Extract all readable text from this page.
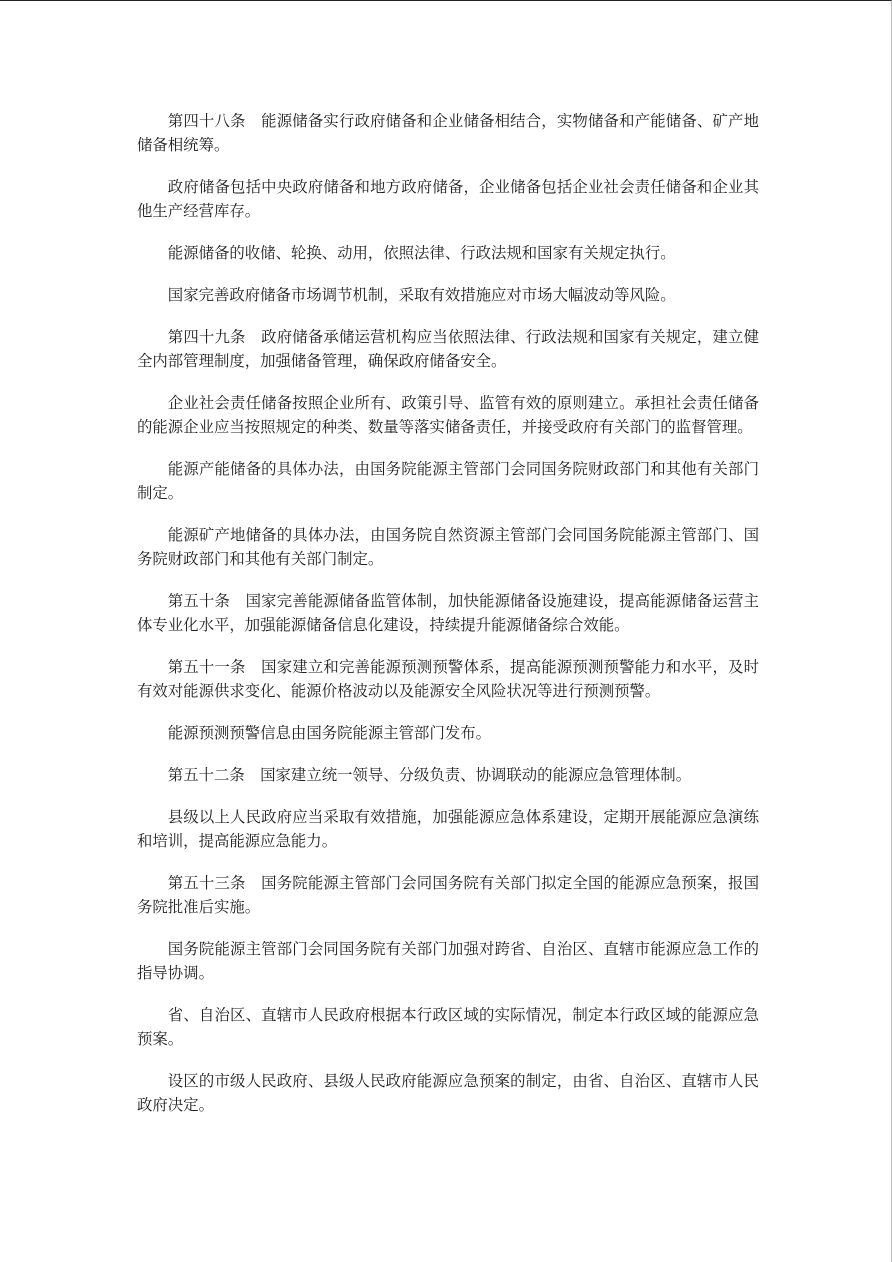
第四十八条　能源储备实行政府储备和企业储备相结合，实物储备和产能储备、矿产地储备相统筹。

政府储备包括中央政府储备和地方政府储备，企业储备包括企业社会责任储备和企业其他生产经营库存。

能源储备的收储、轮换、动用，依照法律、行政法规和国家有关规定执行。

国家完善政府储备市场调节机制，采取有效措施应对市场大幅波动等风险。

第四十九条　政府储备承储运营机构应当依照法律、行政法规和国家有关规定，建立健全内部管理制度，加强储备管理，确保政府储备安全。

企业社会责任储备按照企业所有、政策引导、监管有效的原则建立。承担社会责任储备的能源企业应当按照规定的种类、数量等落实储备责任，并接受政府有关部门的监督管理。

能源产能储备的具体办法，由国务院能源主管部门会同国务院财政部门和其他有关部门制定。

能源矿产地储备的具体办法，由国务院自然资源主管部门会同国务院能源主管部门、国务院财政部门和其他有关部门制定。

第五十条　国家完善能源储备监管体制，加快能源储备设施建设，提高能源储备运营主体专业化水平，加强能源储备信息化建设，持续提升能源储备综合效能。

第五十一条　国家建立和完善能源预测预警体系，提高能源预测预警能力和水平，及时有效对能源供求变化、能源价格波动以及能源安全风险状况等进行预测预警。

能源预测预警信息由国务院能源主管部门发布。

第五十二条　国家建立统一领导、分级负责、协调联动的能源应急管理体制。

县级以上人民政府应当采取有效措施，加强能源应急体系建设，定期开展能源应急演练和培训，提高能源应急能力。

第五十三条　国务院能源主管部门会同国务院有关部门拟定全国的能源应急预案，报国务院批准后实施。

国务院能源主管部门会同国务院有关部门加强对跨省、自治区、直辖市能源应急工作的指导协调。

省、自治区、直辖市人民政府根据本行政区域的实际情况，制定本行政区域的能源应急预案。

设区的市级人民政府、县级人民政府能源应急预案的制定，由省、自治区、直辖市人民政府决定。
